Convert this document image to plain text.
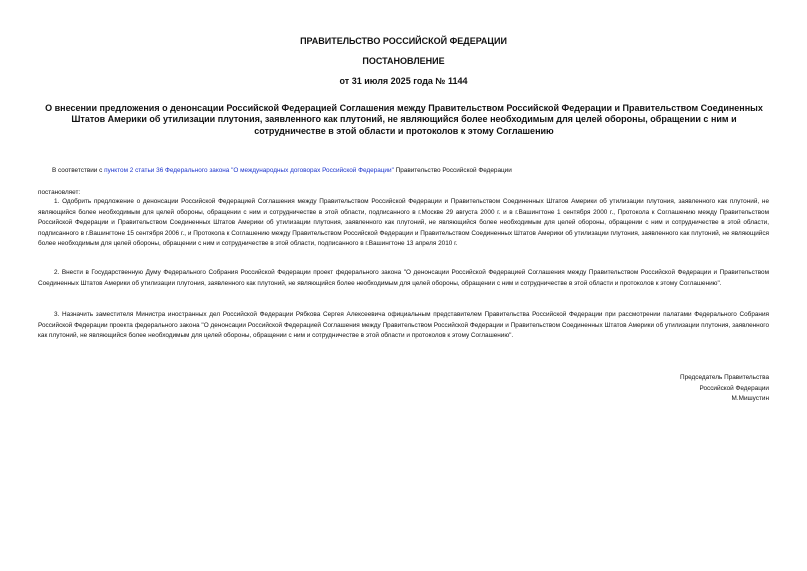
ПРАВИТЕЛЬСТВО РОССИЙСКОЙ ФЕДЕРАЦИИ
ПОСТАНОВЛЕНИЕ
от 31 июля 2025 года № 1144
О внесении предложения о денонсации Российской Федерацией Соглашения между Правительством Российской Федерации и Правительством Соединенных Штатов Америки об утилизации плутония, заявленного как плутоний, не являющийся более необходимым для целей обороны, обращении с ним и сотрудничестве в этой области и протоколов к этому Соглашению
В соответствии с пунктом 2 статьи 36 Федерального закона "О международных договорах Российской Федерации" Правительство Российской Федерации
постановляет:

1. Одобрить предложение о денонсации Российской Федерацией Соглашения между Правительством Российской Федерации и Правительством Соединенных Штатов Америки об утилизации плутония, заявленного как плутоний, не являющийся более необходимым для целей обороны, обращении с ним и сотрудничестве в этой области, подписанного в г.Москве 29 августа 2000 г. и в г.Вашингтоне 1 сентября 2000 г., Протокола к Соглашению между Правительством Российской Федерации и Правительством Соединенных Штатов Америки об утилизации плутония, заявленного как плутоний, не являющийся более необходимым для целей обороны, обращении с ним и сотрудничестве в этой области, подписанного в г.Вашингтоне 15 сентября 2006 г., и Протокола к Соглашению между Правительством Российской Федерации и Правительством Соединенных Штатов Америки об утилизации плутония, заявленного как плутоний, не являющийся более необходимым для целей обороны, обращении с ним и сотрудничестве в этой области, подписанного в г.Вашингтоне 13 апреля 2010 г.

2. Внести в Государственную Думу Федерального Собрания Российской Федерации проект федерального закона "О денонсации Российской Федерацией Соглашения между Правительством Российской Федерации и Правительством Соединенных Штатов Америки об утилизации плутония, заявленного как плутоний, не являющийся более необходимым для целей обороны, обращении с ним и сотрудничестве в этой области и протоколов к этому Соглашению".

3. Назначить заместителя Министра иностранных дел Российской Федерации Рябкова Сергея Алексеевича официальным представителем Правительства Российской Федерации при рассмотрении палатами Федерального Собрания Российской Федерации проекта федерального закона "О денонсации Российской Федерацией Соглашения между Правительством Российской Федерации и Правительством Соединенных Штатов Америки об утилизации плутония, заявленного как плутоний, не являющийся более необходимым для целей обороны, обращении с ним и сотрудничестве в этой области и протоколов к этому Соглашению".

Председатель Правительства
Российской Федерации
М.Мишустин
